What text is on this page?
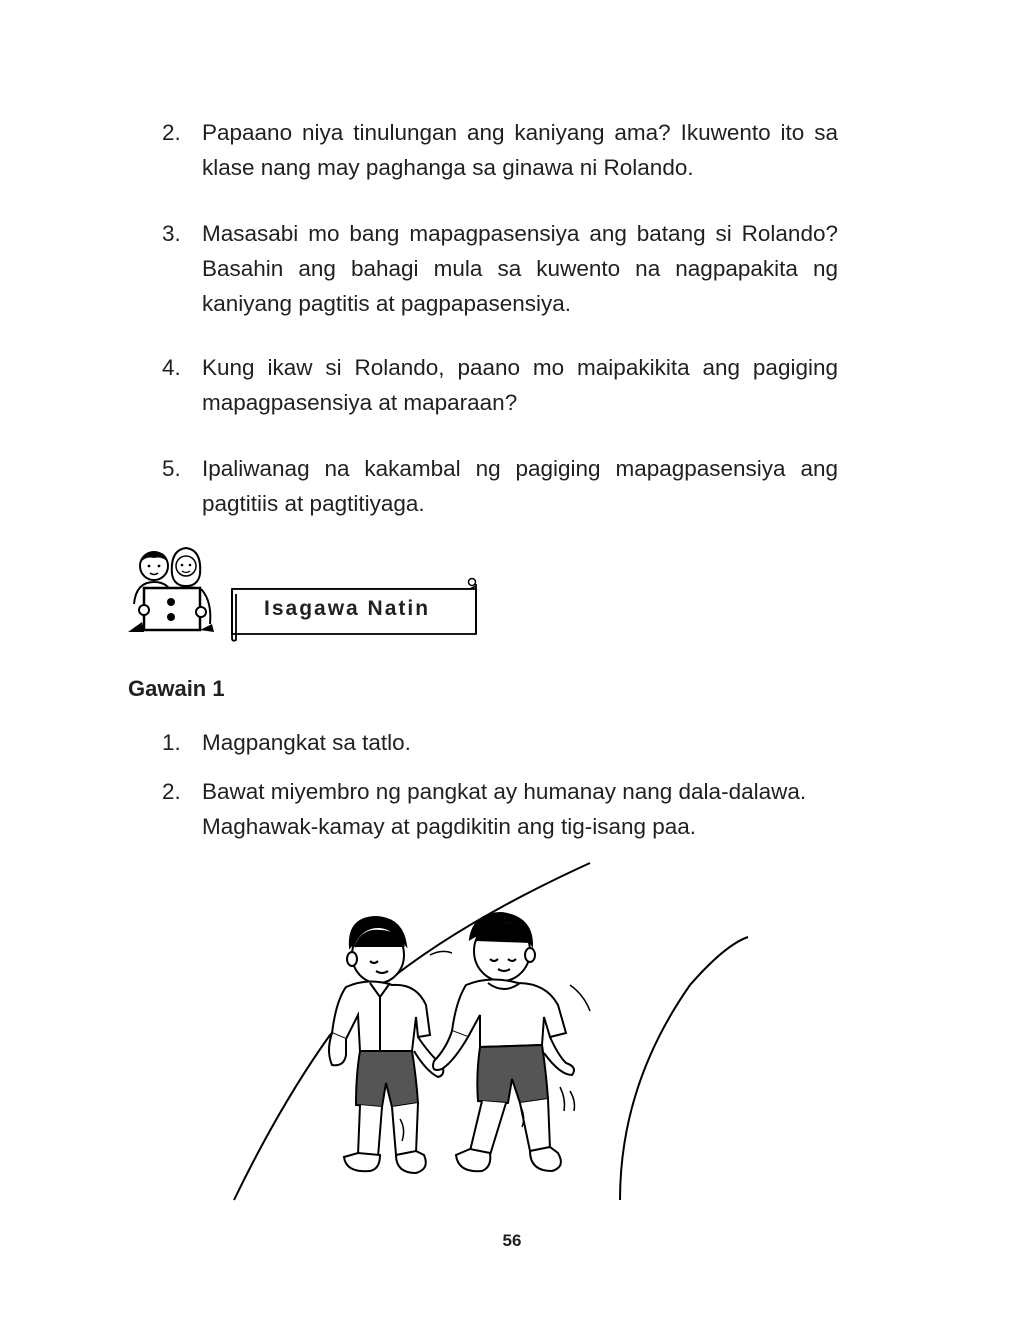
2. Papaano niya tinulungan ang kaniyang ama? Ikuwento ito sa klase nang may paghanga sa ginawa ni Rolando.
3. Masasabi mo bang mapagpasensiya ang batang si Rolando? Basahin ang bahagi mula sa kuwento na nagpapakita ng kaniyang pagtitis at pagpapasensiya.
4. Kung ikaw si Rolando, paano mo maipakikita ang pagiging mapagpasensiya at maparaan?
5. Ipaliwanag na kakambal ng pagiging mapagpasensiya ang pagtitiis at pagtitiyaga.
Isagawa Natin
Gawain 1
1. Magpangkat sa tatlo.
2. Bawat miyembro ng pangkat ay humanay nang dala-dalawa. Maghawak-kamay at pagdikitin ang tig-isang paa.
56
